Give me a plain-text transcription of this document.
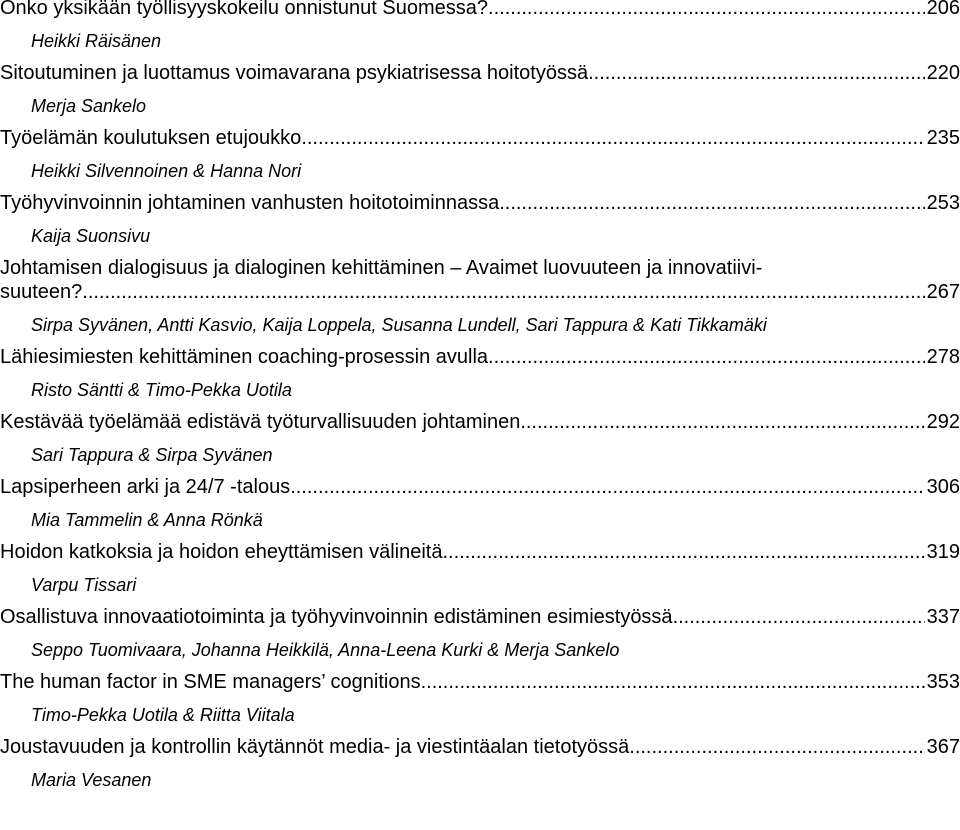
Onko yksikään työllisyyskokeilu onnistunut Suomessa? .....	206
Heikki Räisänen
Sitoutuminen ja luottamus voimavarana psykiatrisessa hoitotyössä .....	220
Merja Sankelo
Työelämän koulutuksen etujoukko .....	235
Heikki Silvennoinen & Hanna Nori
Työhyvinvoinnin johtaminen vanhusten hoitotoiminnassa .....	253
Kaija Suonsivu
Johtamisen dialogisuus ja dialoginen kehittäminen – Avaimet luovuuteen ja innovatiivi-
suuteen? .....	267
Sirpa Syvänen, Antti Kasvio, Kaija Loppela, Susanna Lundell, Sari Tappura & Kati Tikkamäki
Lähiesimiesten kehittäminen coaching-prosessin avulla .....	278
Risto Säntti & Timo-Pekka Uotila
Kestävää työelämää edistävä työturvallisuuden johtaminen .....	292
Sari Tappura & Sirpa Syvänen
Lapsiperheen arki ja 24/7 -talous .....	306
Mia Tammelin & Anna Rönkä
Hoidon katkoksia ja hoidon eheyttämisen välineitä .....	319
Varpu Tissari
Osallistuva innovaatiotoiminta ja työhyvinvoinnin edistäminen esimiestyössä .....	337
Seppo Tuomivaara, Johanna Heikkilä, Anna-Leena Kurki & Merja Sankelo
The human factor in SME managers’ cognitions .....	353
Timo-Pekka Uotila & Riitta Viitala
Joustavuuden ja kontrollin käytännöt media- ja viestintäalan tietotyössä .....	367
Maria Vesanen
